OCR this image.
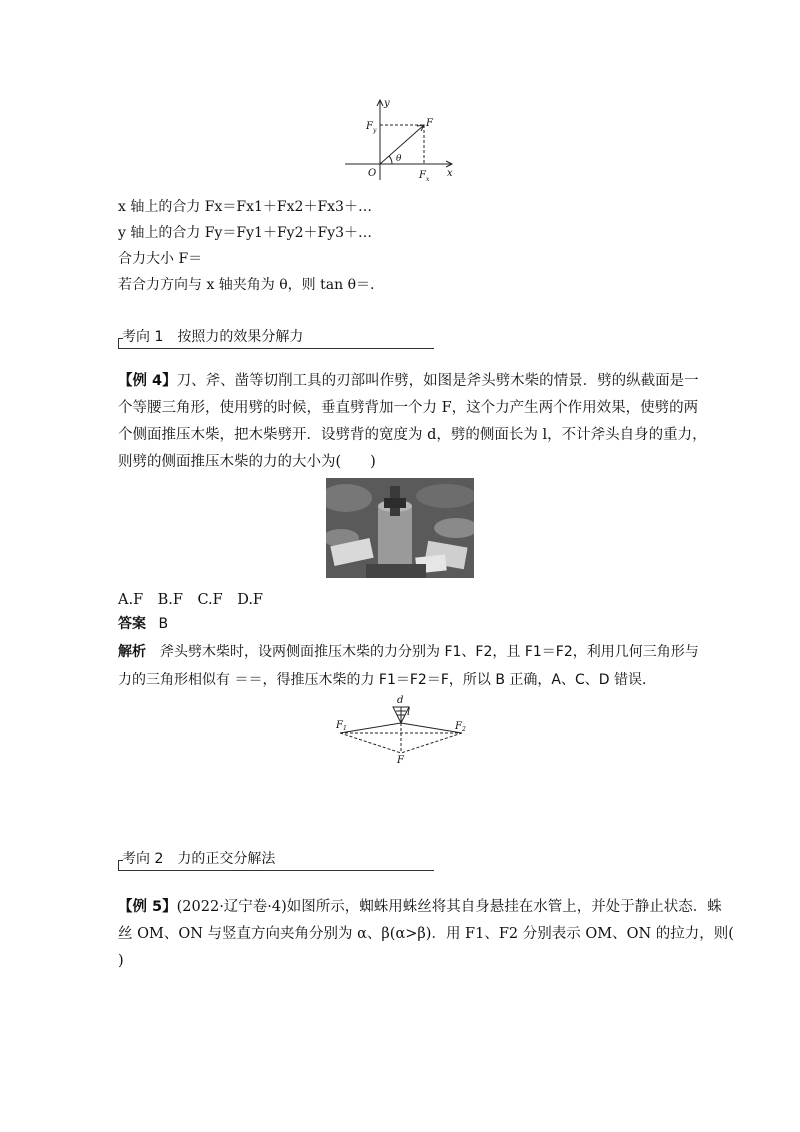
y
x
O
F y
F
F x
θ
x 轴上的合力 Fx＝Fx1＋Fx2＋Fx3＋…
y 轴上的合力 Fy＝Fy1＋Fy2＋Fy3＋…
合力大小 F＝
若合力方向与 x 轴夹角为 θ，则 tan θ＝.
考向 1　按照力的效果分解力
【例 4】刀、斧、凿等切削工具的刃部叫作劈，如图是斧头劈木柴的情景．劈的纵截面是一
个等腰三角形，使用劈的时候，垂直劈背加一个力 F，这个力产生两个作用效果，使劈的两
个侧面推压木柴，把木柴劈开．设劈背的宽度为 d，劈的侧面长为 l，不计斧头自身的重力，
则劈的侧面推压木柴的力的大小为(　　)
A.F　B.F　C.F　D.F
答案 B
解析　 斧头劈木柴时，设两侧面推压木柴的力分别为 F1、F2，且 F1＝F2，利用几何三角形与
力的三角形相似有 ＝＝，得推压木柴的力 F1＝F2＝F，所以 B 正确，A、C、D 错误．
d
l
F 1	F 2
F
考向 2　力的正交分解法
【例 5】(2022·辽宁卷·4)如图所示，蜘蛛用蛛丝将其自身悬挂在水管上，并处于静止状态．蛛
丝 OM、ON 与竖直方向夹角分别为 α、β(α>β)．用 F1、F2 分别表示 OM、ON 的拉力，则(
)
